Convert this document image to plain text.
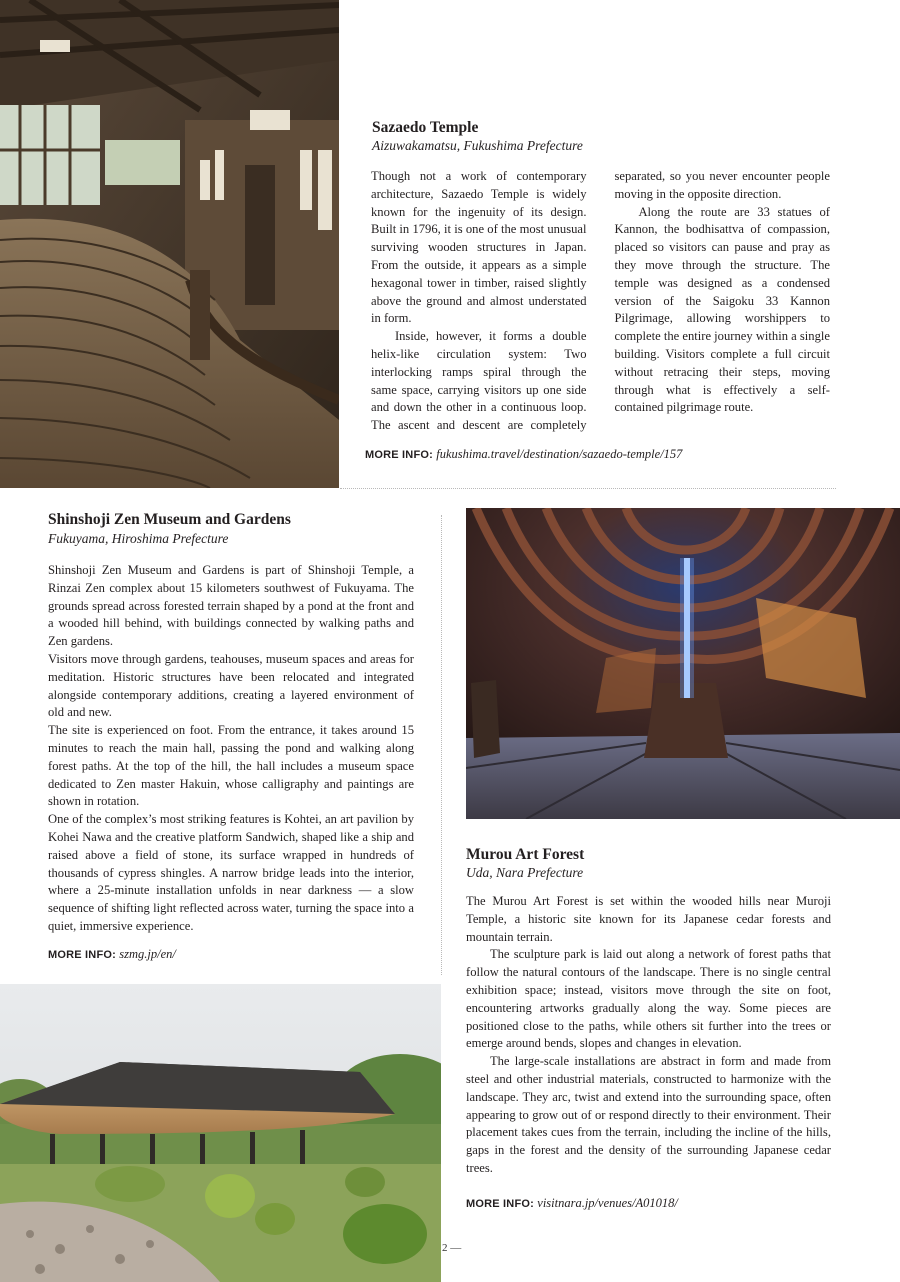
Sazaedo Temple

Aizuwakamatsu, Fukushima Prefecture

Though not a work of contemporary architecture, Sazaedo Temple is widely known for the ingenuity of its design. Built in 1796, it is one of the most unusual surviving wooden structures in Japan. From the outside, it appears as a simple hexagonal tower in timber, raised slightly above the ground and almost understated in form.

Inside, however, it forms a double helix-like circulation system: Two interlocking ramps spiral through the same space, carrying visitors up one side and down the other in a continuous loop. The ascent and descent are completely separated, so you never encounter people moving in the opposite direction.

Along the route are 33 statues of Kannon, the bodhisattva of compassion, placed so visitors can pause and pray as they move through the structure. The temple was designed as a condensed version of the Saigoku 33 Kannon Pilgrimage, allowing worshippers to complete the entire journey within a single building. Visitors complete a full circuit without retracing their steps, moving through what is effectively a self-contained pilgrimage route.

MORE INFO: fukushima.travel/destination/sazaedo-temple/157
Shinshoji Zen Museum and Gardens

Fukuyama, Hiroshima Prefecture

Shinshoji Zen Museum and Gardens is part of Shinshoji Temple, a Rinzai Zen complex about 15 kilometers southwest of Fukuyama. The grounds spread across forested terrain shaped by a pond at the front and a wooded hill behind, with buildings connected by walking paths and Zen gardens.

Visitors move through gardens, teahouses, museum spaces and areas for meditation. Historic structures have been relocated and integrated alongside contemporary additions, creating a layered environment of old and new.

The site is experienced on foot. From the entrance, it takes around 15 minutes to reach the main hall, passing the pond and walking along forest paths. At the top of the hill, the hall includes a museum space dedicated to Zen master Hakuin, whose calligraphy and paintings are shown in rotation.

One of the complex’s most striking features is Kohtei, an art pavilion by Kohei Nawa and the creative platform Sandwich, shaped like a ship and raised above a field of stone, its surface wrapped in hundreds of thousands of cypress shingles. A narrow bridge leads into the interior, where a 25-minute installation unfolds in near darkness — a slow sequence of shifting light reflected across water, turning the space into a quiet, immersive experience.

MORE INFO: szmg.jp/en/
Murou Art Forest

Uda, Nara Prefecture

The Murou Art Forest is set within the wooded hills near Muroji Temple, a historic site known for its Japanese cedar forests and mountain terrain.

The sculpture park is laid out along a network of forest paths that follow the natural contours of the landscape. There is no single central exhibition space; instead, visitors move through the site on foot, encountering artworks gradually along the way. Some pieces are positioned close to the paths, while others sit further into the trees or emerge around bends, slopes and changes in elevation.

The large-scale installations are abstract in form and made from steel and other industrial materials, constructed to harmonize with the landscape. They arc, twist and extend into the surrounding space, often appearing to grow out of or respond directly to their environment. Their placement takes cues from the terrain, including the incline of the hills, gaps in the forest and the density of the surrounding Japanese cedar trees.

MORE INFO: visitnara.jp/venues/A01018/
2 —
